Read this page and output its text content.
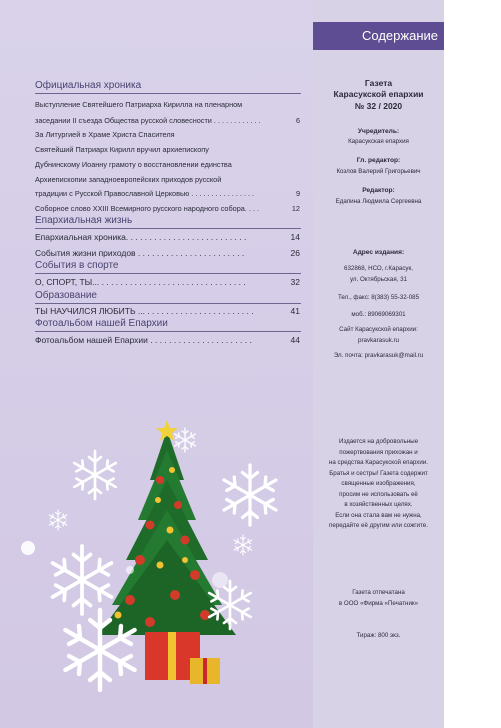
Официальная хроника
Выступление Святейшего Патриарха Кирилла на пленарном
заседании II съезда Общества русской словесности . . . . . . . . . . . .	6
За Литургией в Храме Христа Спасителя
Святейший Патриарх Кирилл вручил архиепископу
Дубнинскому Иоанну грамоту о восстановлении единства
Архиепископии западноевропейских приходов русской
традиции с Русской Православной Церковью . . . . . . . . . . . . . . . .	9
Соборное слово XXIII Всемирного русского народного собора. . . .	12
Епархиальная жизнь
Епархиальная хроника. . . . . . . . . . . . . . . . . . . . . . . . . .	14
События жизни приходов . . . . . . . . . . . . . . . . . . . . . . .	26
События в спорте
О, СПОРТ, ТЫ... . . . . . . . . . . . . . . . . . . . . . . . . . . . . . . .	32
Образование
ТЫ НАУЧИЛСЯ ЛЮБИТЬ ... . . . . . . . . . . . . . . . . . . . . . . .	41
Фотоальбом нашей Епархии
Фотоальбом нашей Епархии . . . . . . . . . . . . . . . . . . . . . .	44
Содержание
Газета
Карасукской епархии
№ 32 / 2020
Учредитель:
Карасукская епархия
Гл. редактор:
Козлов Валерий Григорьевич
Редактор:
Едапина Людмила Сергеевна
Адрес издания:
632868, НСО, г.Карасук,
ул. Октябрьская, 31
Тел., факс: 8(383) 55-32-085
моб.: 89069069301
Сайт Карасукской епархии:
pravkarasuk.ru
Эл. почта: pravkarasuk@mail.ru
Издается на добровольные
пожертвования прихожан и
на средства Карасукской епархии.
Братья и сестры! Газета содержит
священные изображения,
просим не использовать её
в хозяйственных целях.
Если она стала вам не нужна,
передайте её другим или сожгите.
Газета отпечатана
в ООО «Фирма «Печатник»
Тираж: 800 экз.
